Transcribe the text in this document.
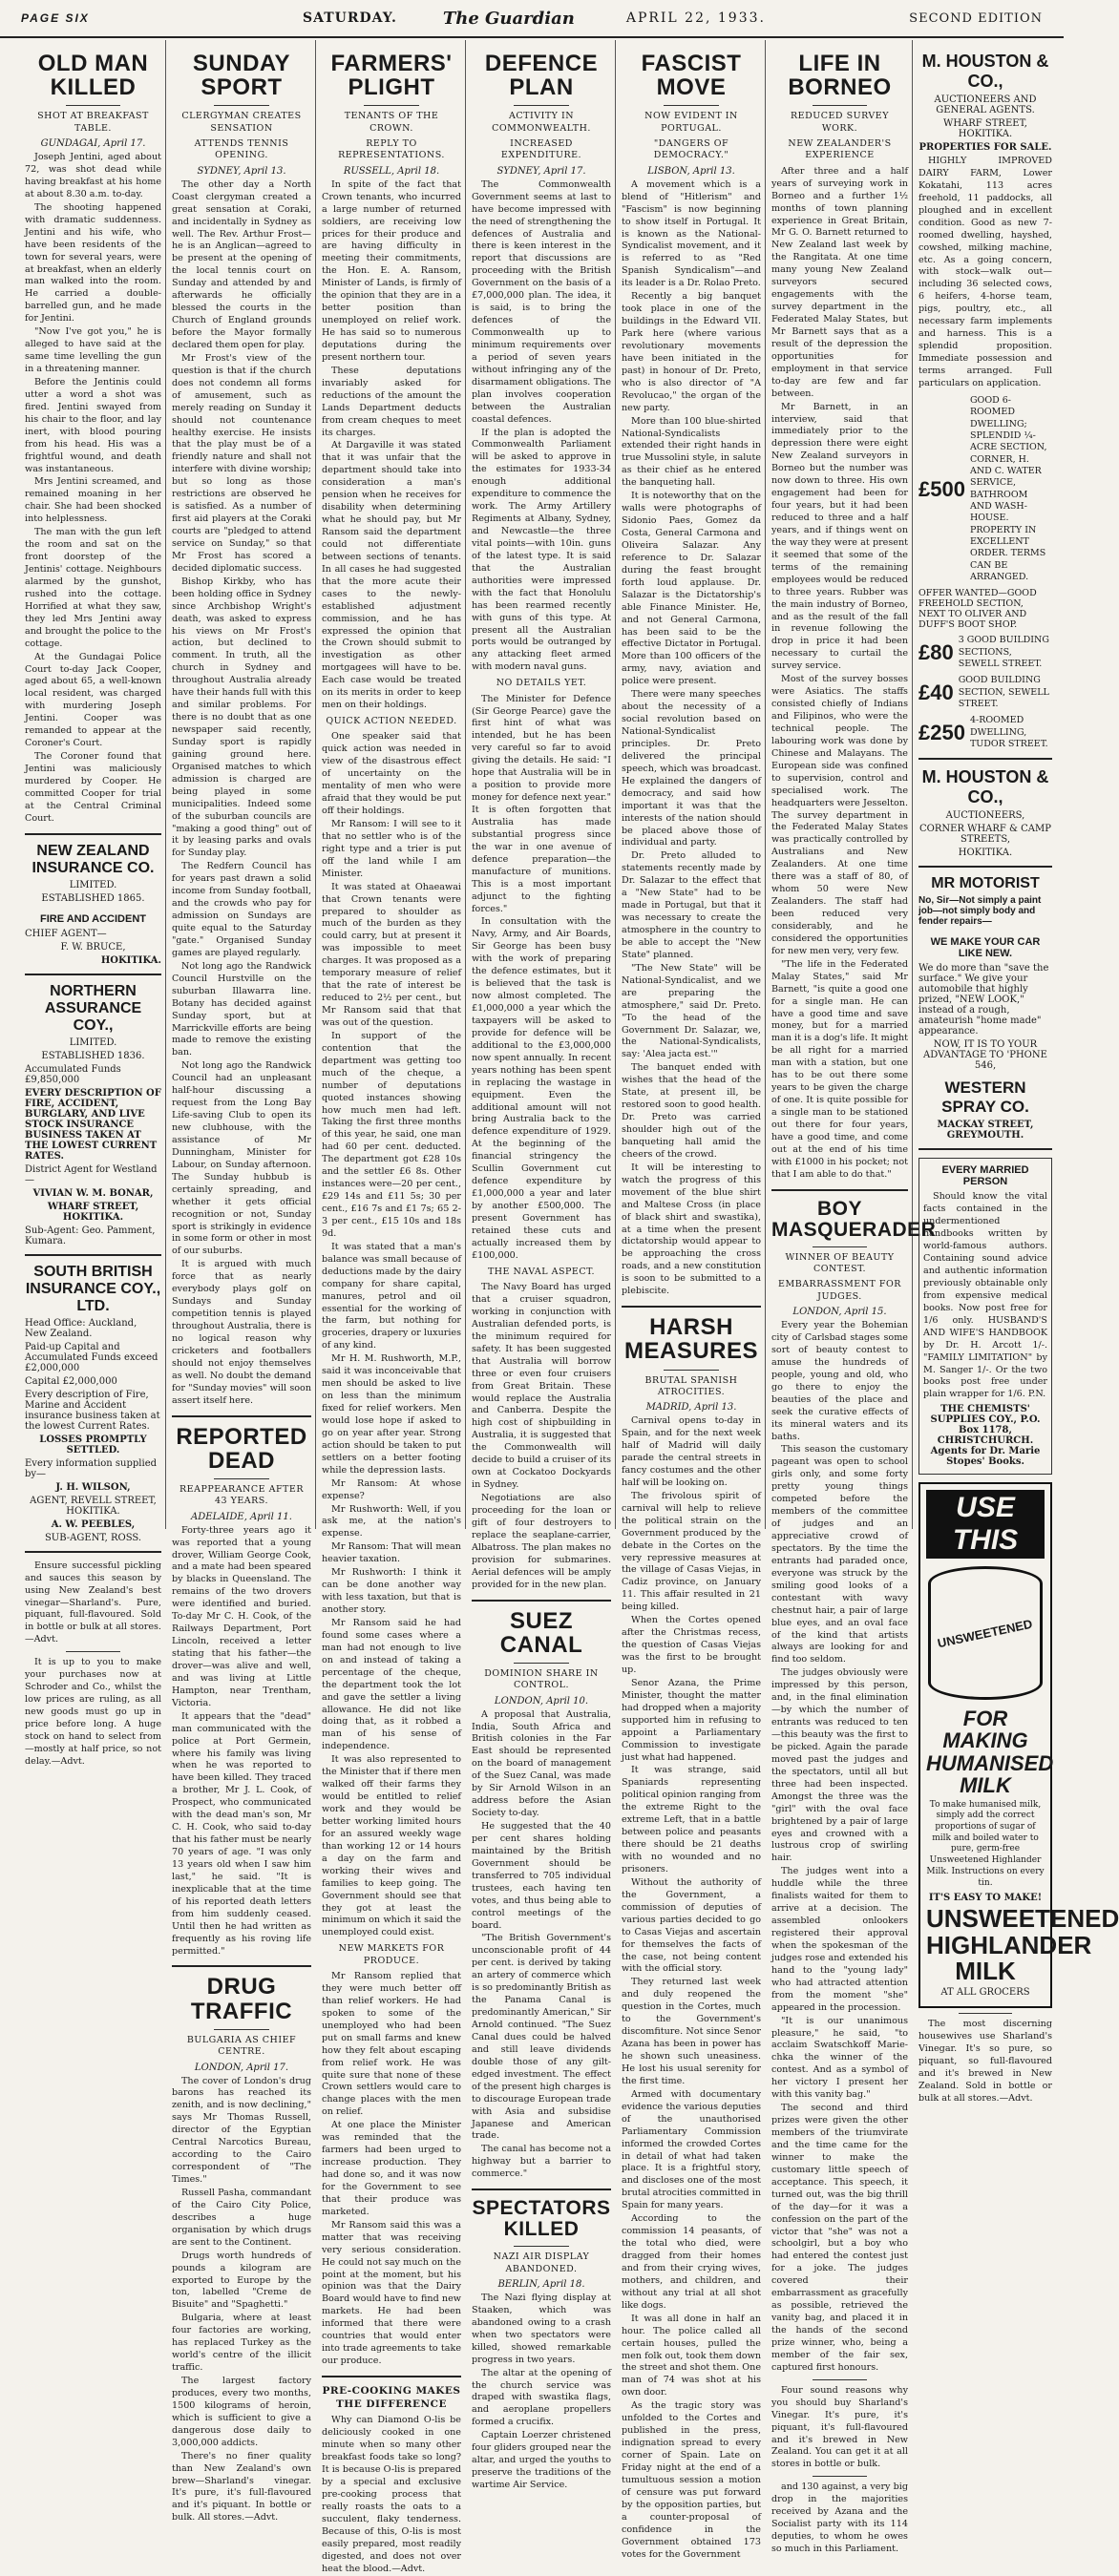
PAGE SIX	SATURDAY.	The Guardian	APRIL 22, 1933.	SECOND EDITION
OLD MAN KILLED
SHOT AT BREAKFAST TABLE.
GUNDAGAI, April 17.

Joseph Jentini, aged about 72, was shot dead while having breakfast at his home at about 8.30 a.m. to-day.

The shooting happened with dramatic suddenness. Jentini and his wife, who have been residents of the town for several years, were at breakfast, when an elderly man walked into the room. He carried a double-barrelled gun, and he made for Jentini.

"Now I've got you," he is alleged to have said at the same time levelling the gun in a threatening manner.

Before the Jentinis could utter a word a shot was fired. Jentini swayed from his chair to the floor, and lay inert, with blood pouring from his head. His was a frightful wound, and death was instantaneous.

Mrs Jentini screamed, and remained moaning in her chair. She had been shocked into helplessness.

The man with the gun left the room and sat on the front doorstep of the Jentinis' cottage. Neighbours alarmed by the gunshot, rushed into the cottage. Horrified at what they saw, they led Mrs Jentini away and brought the police to the cottage.

At the Gundagai Police Court to-day Jack Cooper, aged about 65, a well-known local resident, was charged with murdering Joseph Jentini. Cooper was remanded to appear at the Coroner's Court.

The Coroner found that Jentini was maliciously murdered by Cooper. He committed Cooper for trial at the Central Criminal Court.

NEW ZEALAND INSURANCE CO.
LIMITED.
ESTABLISHED 1865.
FIRE AND ACCIDENT
CHIEF AGENT—
F. W. BRUCE,
HOKITIKA.
NORTHERN ASSURANCE COY.,
LIMITED.
ESTABLISHED 1836.
Accumulated Funds £9,850,000
EVERY DESCRIPTION OF FIRE, ACCIDENT, BURGLARY, AND LIVE STOCK INSURANCE BUSINESS TAKEN AT THE LOWEST CURRENT RATES.
District Agent for Westland—
VIVIAN W. M. BONAR,
WHARF STREET, HOKITIKA.
Sub-Agent: Geo. Pamment, Kumara.
SOUTH BRITISH INSURANCE COY., LTD.
Head Office: Auckland, New Zealand.
Paid-up Capital and Accumulated Funds exceed £2,000,000
Capital £2,000,000
Every description of Fire, Marine and Accident insurance business taken at the lowest Current Rates.
LOSSES PROMPTLY SETTLED.
Every information supplied by—
J. H. WILSON,
AGENT, REVELL STREET, HOKITIKA.
A. W. PEEBLES,
SUB-AGENT, ROSS.

Ensure successful pickling and sauces this season by using New Zealand's best vinegar—Sharland's. Pure, piquant, full-flavoured. Sold in bottle or bulk at all stores.—Advt.

It is up to you to make your purchases now at Schroder and Co., whilst the low prices are ruling, as all new goods must go up in price before long. A huge stock on hand to select from—mostly at half price, so not delay.—Advt.

SUNDAY SPORT
CLERGYMAN CREATES SENSATION
ATTENDS TENNIS OPENING.
SYDNEY, April 13.

The other day a North Coast clergyman created a great sensation at Coraki, and incidentally in Sydney as well. The Rev. Arthur Frost—he is an Anglican—agreed to be present at the opening of the local tennis court on Sunday and attended by and afterwards he officially blessed the courts in the Church of England grounds before the Mayor formally declared them open for play.

Mr Frost's view of the question is that if the church does not condemn all forms of amusement, such as merely reading on Sunday it should not countenance healthy exercise. He insists that the play must be of a friendly nature and shall not interfere with divine worship; but so long as those restrictions are observed he is satisfied. As a number of first aid players at the Coraki courts are "pledged to attend service on Sunday," so that Mr Frost has scored a decided diplomatic success.

Bishop Kirkby, who has been holding office in Sydney since Archbishop Wright's death, was asked to express his views on Mr Frost's action, but declined to comment. In truth, all the church in Sydney and throughout Australia already have their hands full with this and similar problems. For there is no doubt that as one newspaper said recently, Sunday sport is rapidly gaining ground here. Organised matches to which admission is charged are being played in some municipalities. Indeed some of the suburban councils are "making a good thing" out of it by leasing parks and ovals for Sunday play.

The Redfern Council has for years past drawn a solid income from Sunday football, and the crowds who pay for admission on Sundays are quite equal to the Saturday "gate." Organised Sunday games are played regularly.

Not long ago the Randwick Council Hurstville on the suburban Illawarra line. Botany has decided against Sunday sport, but at Marrickville efforts are being made to remove the existing ban.

Not long ago the Randwick Council had an unpleasant half-hour discussing a request from the Long Bay Life-saving Club to open its new clubhouse, with the assistance of Mr Dunningham, Minister for Labour, on Sunday afternoon. The Sunday hubbub is certainly spreading, and whether it gets official recognition or not, Sunday sport is strikingly in evidence in some form or other in most of our suburbs.

It is argued with much force that as nearly everybody plays golf on Sundays and Sunday competition tennis is played throughout Australia, there is no logical reason why cricketers and footballers should not enjoy themselves as well. No doubt the demand for "Sunday movies" will soon assert itself here.

REPORTED DEAD
REAPPEARANCE AFTER 43 YEARS.
ADELAIDE, April 11.

Forty-three years ago it was reported that a young drover, William George Cook, and a mate had been speared by blacks in Queensland. The remains of the two drovers were identified and buried. To-day Mr C. H. Cook, of the Railways Department, Port Lincoln, received a letter stating that his father—the drover—was alive and well, and was living at Little Hampton, near Trentham, Victoria.

It appears that the "dead" man communicated with the police at Port Germein, where his family was living when he was reported to have been killed. They traced a brother, Mr J. L. Cook, of Prospect, who communicated with the dead man's son, Mr C. H. Cook, who said to-day that his father must be nearly 70 years of age. "I was only 13 years old when I saw him last," he said. "It is inexplicable that at the time of his reported death letters from him suddenly ceased. Until then he had written as frequently as his roving life permitted."

DRUG TRAFFIC
BULGARIA AS CHIEF CENTRE.
LONDON, April 17.

The cover of London's drug barons has reached its zenith, and is now declining," says Mr Thomas Russell, director of the Egyptian Central Narcotics Bureau, according to the Cairo correspondent of "The Times."

Russell Pasha, commandant of the Cairo City Police, describes a huge organisation by which drugs are sent to the Continent.

Drugs worth hundreds of pounds a kilogram are exported to Europe by the ton, labelled "Creme de Bisuite" and "Spaghetti."

Bulgaria, where at least four factories are working, has replaced Turkey as the world's centre of the illicit traffic.

The largest factory produces, every two months, 1500 kilograms of heroin, which is sufficient to give a dangerous dose daily to 3,000,000 addicts.

There's no finer quality than New Zealand's own brew—Sharland's vinegar. It's pure, it's full-flavoured and it's piquant. In bottle or bulk. All stores.—Advt.

FARMERS' PLIGHT
TENANTS OF THE CROWN.
REPLY TO REPRESENTATIONS.
RUSSELL, April 18.

In spite of the fact that Crown tenants, who incurred a large number of returned soldiers, are receiving low prices for their produce and are having difficulty in meeting their commitments, the Hon. E. A. Ransom, Minister of Lands, is firmly of the opinion that they are in a better position than unemployed on relief work. He has said so to numerous deputations during the present northern tour.

These deputations invariably asked for reductions of the amount the Lands Department deducts from cream cheques to meet its charges.

At Dargaville it was stated that it was unfair that the department should take into consideration a man's pension when he receives for disability when determining what he should pay, but Mr Ransom said the department could not differentiate between sections of tenants. In all cases he had suggested that the more acute their cases to the newly-established adjustment commission, and he has expressed the opinion that the Crown should submit to investigation as other mortgagees will have to be. Each case would be treated on its merits in order to keep men on their holdings.

QUICK ACTION NEEDED.

One speaker said that quick action was needed in view of the disastrous effect of uncertainty on the mentality of men who were afraid that they would be put off their holdings.

Mr Ransom: I will see to it that no settler who is of the right type and a trier is put off the land while I am Minister.

It was stated at Ohaeawai that Crown tenants were prepared to shoulder as much of the burden as they could carry, but at present it was impossible to meet charges. It was proposed as a temporary measure of relief that the rate of interest be reduced to 2½ per cent., but Mr Ransom said that that was out of the question.

In support of the contention that the department was getting too much of the cheque, a number of deputations quoted instances showing how much men had left. Taking the first three months of this year, he said, one man had 60 per cent. deducted. The department got £28 10s and the settler £6 8s. Other instances were—20 per cent., £29 14s and £11 5s; 30 per cent., £16 7s and £1 7s; 65 2-3 per cent., £15 10s and 18s 9d.

It was stated that a man's balance was small because of deductions made by the dairy company for share capital, manures, petrol and oil essential for the working of the farm, but nothing for groceries, drapery or luxuries of any kind.

Mr H. M. Rushworth, M.P., said it was inconceivable that men should be asked to live on less than the minimum fixed for relief workers. Men would lose hope if asked to go on year after year. Strong action should be taken to put settlers on a better footing while the depression lasts.

Mr Ransom: At whose expense?

Mr Rushworth: Well, if you ask me, at the nation's expense.

Mr Ransom: That will mean heavier taxation.

Mr Rushworth: I think it can be done another way with less taxation, but that is another story.

Mr Ransom said he had found some cases where a man had not enough to live on and instead of taking a percentage of the cheque, the department took the lot and gave the settler a living allowance. He did not like doing that, as it robbed a man of his sense of independence.

It was also represented to the Minister that if there men walked off their farms they would be entitled to relief work and they would be better working limited hours for an assured weekly wage than working 12 or 14 hours a day on the farm and working their wives and families to keep going. The Government should see that they got at least the minimum on which it said the unemployed could exist.

NEW MARKETS FOR PRODUCE.

Mr Ransom replied that they were much better off than relief workers. He had spoken to some of the unemployed who had been put on small farms and knew how they felt about escaping from relief work. He was quite sure that none of these Crown settlers would care to change places with the men on relief.

At one place the Minister was reminded that the farmers had been urged to increase production. They had done so, and it was now for the Government to see that their produce was marketed.

Mr Ransom said this was a matter that was receiving very serious consideration. He could not say much on the point at the moment, but his opinion was that the Dairy Board would have to find new markets. He had been informed that there were countries that would enter into trade agreements to take our produce.

PRE-COOKING MAKES THE DIFFERENCE

Why can Diamond O-lis be deliciously cooked in one minute when so many other breakfast foods take so long? It is because O-lis is prepared by a special and exclusive pre-cooking process that really roasts the oats to a succulent, flaky tenderness. Because of this, O-lis is most easily prepared, most readily digested, and does not over heat the blood.—Advt.

DEFENCE PLAN
ACTIVITY IN COMMONWEALTH.
INCREASED EXPENDITURE.
SYDNEY, April 17.

The Commonwealth Government seems at last to have become impressed with the need of strengthening the defences of Australia and there is keen interest in the report that discussions are proceeding with the British Government on the basis of a £7,000,000 plan. The idea, it is said, is to bring the defences of the Commonwealth up to minimum requirements over a period of seven years without infringing any of the disarmament obligations. The plan involves cooperation between the Australian coastal defences.

If the plan is adopted the Commonwealth Parliament will be asked to approve in the estimates for 1933-34 enough additional expenditure to commence the work. The Army Artillery Regiments at Albany, Sydney, and Newcastle—the three vital points—with 10in. guns of the latest type. It is said that the Australian authorities were impressed with the fact that Honolulu has been rearmed recently with guns of this type. At present all the Australian ports would be outranged by any attacking fleet armed with modern naval guns.

NO DETAILS YET.

The Minister for Defence (Sir George Pearce) gave the first hint of what was intended, but he has been very careful so far to avoid giving the details. He said: "I hope that Australia will be in a position to provide more money for defence next year." It is often forgotten that Australia has made substantial progress since the war in one avenue of defence preparation—the manufacture of munitions. This is a most important adjunct to the fighting forces."

In consultation with the Navy, Army, and Air Boards, Sir George has been busy with the work of preparing the defence estimates, but it is believed that the task is now almost completed. The £1,000,000 a year which the taxpayers will be asked to provide for defence will be additional to the £3,000,000 now spent annually. In recent years nothing has been spent in replacing the wastage in equipment. Even the additional amount will not bring Australia back to the defence expenditure of 1929. At the beginning of the financial stringency the Scullin Government cut defence expenditure by £1,000,000 a year and later by another £500,000. The present Government has retained these cuts and actually increased them by £100,000.

THE NAVAL ASPECT.

The Navy Board has urged that a cruiser squadron, working in conjunction with Australian defended ports, is the minimum required for safety. It has been suggested that Australia will borrow three or even four cruisers from Great Britain. These would replace the Australia and Canberra. Despite the high cost of shipbuilding in Australia, it is suggested that the Commonwealth will decide to build a cruiser of its own at Cockatoo Dockyards in Sydney.

Negotiations are also proceeding for the loan or gift of four destroyers to replace the seaplane-carrier, Albatross. The plan makes no provision for submarines. Aerial defences will be amply provided for in the new plan.

SUEZ CANAL
DOMINION SHARE IN CONTROL.
LONDON, April 10.

A proposal that Australia, India, South Africa and British colonies in the Far East should be represented on the board of management of the Suez Canal, was made by Sir Arnold Wilson in an address before the Asian Society to-day.

He suggested that the 40 per cent shares holding maintained by the British Government should be transferred to 705 individual trustees, each having ten votes, and thus being able to control meetings of the board.

"The British Government's unconscionable profit of 44 per cent. is derived by taking an artery of commerce which is so predominantly British as the Panama Canal is predominantly American," Sir Arnold continued. "The Suez Canal dues could be halved and still leave dividends double those of any gilt-edged investment. The effect of the present high charges is to discourage European trade with Asia and subsidise Japanese and American trade.

The canal has become not a highway but a barrier to commerce."

SPECTATORS KILLED
NAZI AIR DISPLAY ABANDONED.
BERLIN, April 18.

The Nazi flying display at Staaken, which was abandoned owing to a crash when two spectators were killed, showed remarkable progress in two years.

The altar at the opening of the church service was draped with swastika flags, and aeroplane propellers formed a crucifix.

Captain Loerzer christened four gliders grouped near the altar, and urged the youths to preserve the traditions of the wartime Air Service.

FASCIST MOVE
NOW EVIDENT IN PORTUGAL.
"DANGERS OF DEMOCRACY."
LISBON, April 13.

A movement which is a blend of "Hitlerism" and "Fascism" is now beginning to show itself in Portugal. It is known as the National-Syndicalist movement, and it is referred to as "Red Spanish Syndicalism"—and its leader is a Dr. Rolao Preto.

Recently a big banquet took place in one of the buildings in the Edward VII. Park here (where various revolutionary movements have been initiated in the past) in honour of Dr. Preto, who is also director of "A Revolucao," the organ of the new party.

More than 100 blue-shirted National-Syndicalists extended their right hands in true Mussolini style, in salute as their chief as he entered the banqueting hall.

It is noteworthy that on the walls were photographs of Sidonio Paes, Gomez da Costa, General Carmona and Oliveira Salazar. Any reference to Dr. Salazar during the feast brought forth loud applause. Dr. Salazar is the Dictatorship's able Finance Minister. He, and not General Carmona, has been said to be the effective Dictator in Portugal. More than 100 officers of the army, navy, aviation and police were present.

There were many speeches about the necessity of a social revolution based on National-Syndicalist principles. Dr. Preto delivered the principal speech, which was broadcast. He explained the dangers of democracy, and said how important it was that the interests of the nation should be placed above those of individual and party.

Dr. Preto alluded to statements recently made by Dr. Salazar to the effect that a "New State" had to be made in Portugal, but that it was necessary to create the atmosphere in the country to be able to accept the "New State" planned.

"The New State" will be National-Syndicalist, and we are preparing the atmosphere," said Dr. Preto. "To the head of the Government Dr. Salazar, we, the National-Syndicalists, say: 'Alea jacta est.'"

The banquet ended with wishes that the head of the State, at present ill, be restored soon to good health. Dr. Preto was carried shoulder high out of the banqueting hall amid the cheers of the crowd.

It will be interesting to watch the progress of this movement of the blue shirt and Maltese Cross (in place of black shirt and swastika), at a time when the present dictatorship would appear to be approaching the cross roads, and a new constitution is soon to be submitted to a plebiscite.

HARSH MEASURES
BRUTAL SPANISH ATROCITIES.
MADRID, April 13.

Carnival opens to-day in Spain, and for the next week half of Madrid will daily parade the central streets in fancy costumes and the other half will be looking on.

The frivolous spirit of carnival will help to relieve the political strain on the Government produced by the debate in the Cortes on the very repressive measures at the village of Casas Viejas, in Cadiz province, on January 11. This affair resulted in 21 being killed.

When the Cortes opened after the Christmas recess, the question of Casas Viejas was the first to be brought up.

Senor Azana, the Prime Minister, thought the matter had dropped when a majority supported him in refusing to appoint a Parliamentary Commission to investigate just what had happened.

It was strange, said Spaniards representing political opinion ranging from the extreme Right to the extreme Left, that in a battle between police and peasants there should be 21 deaths with no wounded and no prisoners.

Without the authority of the Government, a commission of deputies of various parties decided to go to Casas Viejas and ascertain for themselves the facts of the case, not being content with the official story.

They returned last week and duly reopened the question in the Cortes, much to the Government's discomfiture. Not since Senor Azana has been in power has he shown such uneasiness. He lost his usual serenity for the first time.

Armed with documentary evidence the various deputies of the unauthorised Parliamentary Commission informed the crowded Cortes in detail of what had taken place. It is a frightful story, and discloses one of the most brutal atrocities committed in Spain for many years.

According to the commission 14 peasants, of the total who died, were dragged from their homes and from their crying wives, mothers, and children, and without any trial at all shot like dogs.

It was all done in half an hour. The police called all certain houses, pulled the men folk out, took them down the street and shot them. One man of 74 was shot at his own door.

As the tragic story was unfolded to the Cortes and published in the press, indignation spread to every corner of Spain. Late on Friday night at the end of a tumultuous session a motion of censure was put forward by the opposition parties, but a counter-proposal of confidence in the Government obtained 173 votes for the Government

LIFE IN BORNEO
REDUCED SURVEY WORK.
NEW ZEALANDER'S EXPERIENCE

After three and a half years of surveying work in Borneo and a further 1½ months of town planning experience in Great Britain, Mr G. O. Barnett returned to New Zealand last week by the Rangitata. At one time many young New Zealand surveyors secured engagements with the survey department in the Federated Malay States, but Mr Barnett says that as a result of the depression the opportunities for employment in that service to-day are few and far between.

Mr Barnett, in an interview, said that immediately prior to the depression there were eight New Zealand surveyors in Borneo but the number was now down to three. His own engagement had been for four years, but it had been reduced to three and a half years, and if things went on the way they were at present it seemed that some of the terms of the remaining employees would be reduced to three years. Rubber was the main industry of Borneo, and as the result of the fall in revenue following the drop in price it had been necessary to curtail the survey service.

Most of the survey bosses were Asiatics. The staffs consisted chiefly of Indians and Filipinos, who were the technical people. The labouring work was done by Chinese and Malayans. The European side was confined to supervision, control and specialised work. The headquarters were Jesselton. The survey department in the Federated Malay States was practically controlled by Australians and New Zealanders. At one time there was a staff of 80, of whom 50 were New Zealanders. The staff had been reduced very considerably, and he considered the opportunities for new men very, very few.

"The life in the Federated Malay States," said Mr Barnett, "is quite a good one for a single man. He can have a good time and save money, but for a married man it is a dog's life. It might be all right for a married man with a station, but one has to be out there some years to be given the charge of one. It is quite possible for a single man to be stationed out there for four years, have a good time, and come out at the end of his time with £1000 in his pocket; not that I am able to do that."

BOY MASQUERADER
WINNER OF BEAUTY CONTEST.
EMBARRASSMENT FOR JUDGES.
LONDON, April 15.

Every year the Bohemian city of Carlsbad stages some sort of beauty contest to amuse the hundreds of people, young and old, who go there to enjoy the beauties of the place and seek the curative effects of its mineral waters and its baths.

This season the customary pageant was open to school girls only, and some forty pretty young things competed before the members of the committee of judges and an appreciative crowd of spectators. By the time the entrants had paraded once, everyone was struck by the smiling good looks of a contestant with wavy chestnut hair, a pair of large blue eyes, and an oval face of the kind that artists always are looking for and find too seldom.

The judges obviously were impressed by this person, and, in the final elimination—by which the number of entrants was reduced to ten—this beauty was the first to be picked. Again the parade moved past the judges and the spectators, until all but three had been inspected. Amongst the three was the "girl" with the oval face brightened by a pair of large eyes and crowned with a lustrous crop of swirling hair.

The judges went into a huddle while the three finalists waited for them to arrive at a decision. The assembled onlookers registered their approval when the spokesman of the judges rose and extended his hand to the "young lady" who had attracted attention from the moment "she" appeared in the procession.

"It is our unanimous pleasure," he said, "to acclaim Swatschkoff Marie-chka the winner of the contest. And as a symbol of her victory I present her with this vanity bag."

The second and third prizes were given the other members of the triumvirate and the time came for the winner to make the customary little speech of acceptance. This speech, it turned out, was the big thrill of the day—for it was a confession on the part of the victor that "she" was not a schoolgirl, but a boy who had entered the contest just for a joke. The judges covered their embarrassment as gracefully as possible, retrieved the vanity bag, and placed it in the hands of the second prize winner, who, being a member of the fair sex, captured first honours.

Four sound reasons why you should buy Sharland's Vinegar. It's pure, it's piquant, it's full-flavoured and it's brewed in New Zealand. You can get it at all stores in bottle or bulk.

and 130 against, a very big drop in the majorities received by Azana and the Socialist party with its 114 deputies, to whom he owes so much in this Parliament.

M. HOUSTON & CO.,
AUCTIONEERS AND GENERAL AGENTS.
WHARF STREET, HOKITIKA.
PROPERTIES FOR SALE.

HIGHLY IMPROVED DAIRY FARM, Lower Kokatahi, 113 acres freehold, 11 paddocks, all ploughed and in excellent condition. Good as new 7-roomed dwelling, hayshed, cowshed, milking machine, etc. As a going concern, with stock—walk out—including 36 selected cows, 6 heifers, 4-horse team, pigs, poultry, etc., all necessary farm implements and harness. This is a splendid proposition. Immediate possession and terms arranged. Full particulars on application.

£500
GOOD 6-ROOMED DWELLING; SPLENDID ¼-ACRE SECTION, CORNER, H. AND C. WATER SERVICE, BATHROOM AND WASH-HOUSE. PROPERTY IN EXCELLENT ORDER. TERMS CAN BE ARRANGED.
OFFER WANTED—GOOD FREEHOLD SECTION, NEXT TO OLIVER AND DUFF'S BOOT SHOP.
£80
3 GOOD BUILDING SECTIONS, SEWELL STREET.
£40
GOOD BUILDING SECTION, SEWELL STREET.
£250
4-ROOMED DWELLING, TUDOR STREET.
M. HOUSTON & CO.,
AUCTIONEERS,
CORNER WHARF & CAMP STREETS,
HOKITIKA.
MR MOTORIST
No, Sir—Not simply a paint job—not simply body and fender repairs—
WE MAKE YOUR CAR LIKE NEW.
We do more than "save the surface." We give your automobile that highly prized, "NEW LOOK," instead of a rough, amateurish "home made" appearance.
NOW, IT IS TO YOUR ADVANTAGE TO 'PHONE 546,
WESTERN SPRAY CO.
MACKAY STREET, GREYMOUTH.
EVERY MARRIED PERSON

Should know the vital facts contained in the undermentioned handbooks written by world-famous authors. Containing sound advice and authentic information previously obtainable only from expensive medical books. Now post free for 1/6 only. HUSBAND'S AND WIFE'S HANDBOOK by Dr. H. Arcott 1/-. "FAMILY LIMITATION" by M. Sanger 1/-. Or the two books post free under plain wrapper for 1/6. P.N.

THE CHEMISTS' SUPPLIES COY., P.O. Box 1178, CHRISTCHURCH. Agents for Dr. Marie Stopes' Books.
USE THIS
UNSWEETENED
FOR MAKING HUMANISED MILK
To make humanised milk, simply add the correct proportions of sugar of milk and boiled water to pure, germ-free Unsweetened Highlander Milk. Instructions on every tin.
IT'S EASY TO MAKE!
UNSWEETENED HIGHLANDER MILK
AT ALL GROCERS

The most discerning housewives use Sharland's Vinegar. It's so pure, so piquant, so full-flavoured and it's brewed in New Zealand. Sold in bottle or bulk at all stores.—Advt.
